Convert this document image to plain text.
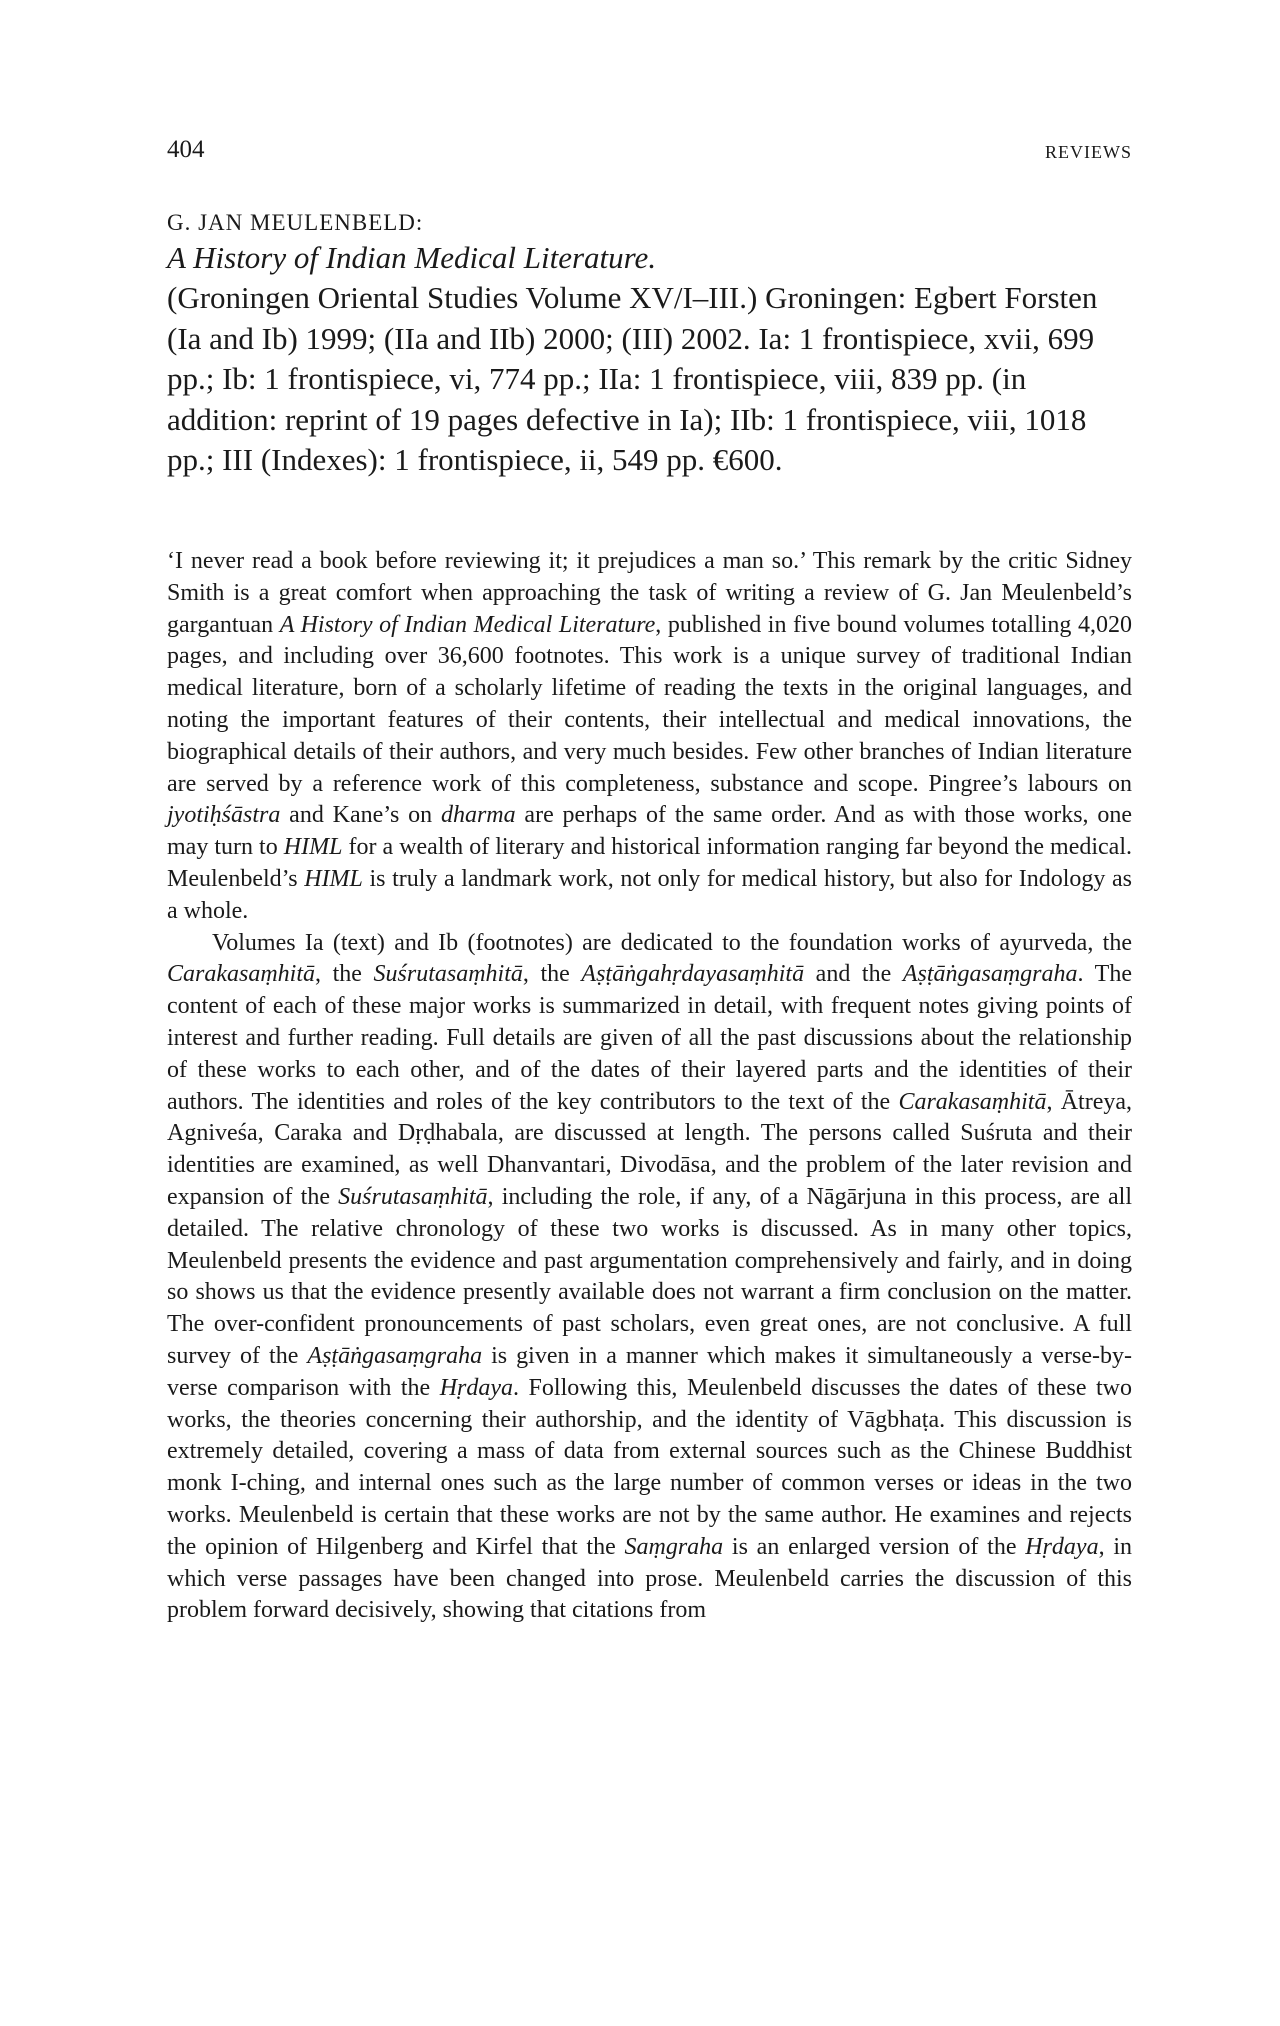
404	REVIEWS

G. JAN MEULENBELD:

A History of Indian Medical Literature.

(Groningen Oriental Studies Volume XV/I–III.) Groningen: Egbert Forsten (Ia and Ib) 1999; (IIa and IIb) 2000; (III) 2002. Ia: 1 frontispiece, xvii, 699 pp.; Ib: 1 frontispiece, vi, 774 pp.; IIa: 1 frontispiece, viii, 839 pp. (in addition: reprint of 19 pages defective in Ia); IIb: 1 frontispiece, viii, 1018 pp.; III (Indexes): 1 frontispiece, ii, 549 pp. €600.

‘I never read a book before reviewing it; it prejudices a man so.’ This remark by the critic Sidney Smith is a great comfort when approaching the task of writing a review of G. Jan Meulenbeld’s gargantuan A History of Indian Medical Literature, published in five bound volumes totalling 4,020 pages, and including over 36,600 footnotes. This work is a unique survey of traditional Indian medical literature, born of a scholarly lifetime of reading the texts in the original languages, and noting the important features of their contents, their intellectual and medical innovations, the biographical details of their authors, and very much besides. Few other branches of Indian literature are served by a reference work of this completeness, substance and scope. Pingree’s labours on jyotiḥśāstra and Kane’s on dharma are perhaps of the same order. And as with those works, one may turn to HIML for a wealth of literary and historical information ranging far beyond the medical. Meulenbeld’s HIML is truly a landmark work, not only for medical history, but also for Indology as a whole.

Volumes Ia (text) and Ib (footnotes) are dedicated to the foundation works of ayurveda, the Carakasaṃhitā, the Suśrutasaṃhitā, the Aṣṭāṅgahṛdayasaṃhitā and the Aṣṭāṅgasaṃgraha. The content of each of these major works is summarized in detail, with frequent notes giving points of interest and further reading. Full details are given of all the past discussions about the relationship of these works to each other, and of the dates of their layered parts and the identities of their authors. The identities and roles of the key contributors to the text of the Carakasaṃhitā, Ātreya, Agniveśa, Caraka and Dṛḍhabala, are discussed at length. The persons called Suśruta and their identities are examined, as well Dhanvantari, Divodāsa, and the problem of the later revision and expansion of the Suśrutasaṃhitā, including the role, if any, of a Nāgārjuna in this process, are all detailed. The relative chronology of these two works is discussed. As in many other topics, Meulenbeld presents the evidence and past argumentation comprehensively and fairly, and in doing so shows us that the evidence presently available does not warrant a firm conclusion on the matter. The over-confident pronouncements of past scholars, even great ones, are not conclusive. A full survey of the Aṣṭāṅgasaṃgraha is given in a manner which makes it simultaneously a verse-by-verse comparison with the Hṛdaya. Following this, Meulenbeld discusses the dates of these two works, the theories concerning their authorship, and the identity of Vāgbhaṭa. This discussion is extremely detailed, covering a mass of data from external sources such as the Chinese Buddhist monk I-ching, and internal ones such as the large number of common verses or ideas in the two works. Meulenbeld is certain that these works are not by the same author. He examines and rejects the opinion of Hilgenberg and Kirfel that the Saṃgraha is an enlarged version of the Hṛdaya, in which verse passages have been changed into prose. Meulenbeld carries the discussion of this problem forward decisively, showing that citations from
